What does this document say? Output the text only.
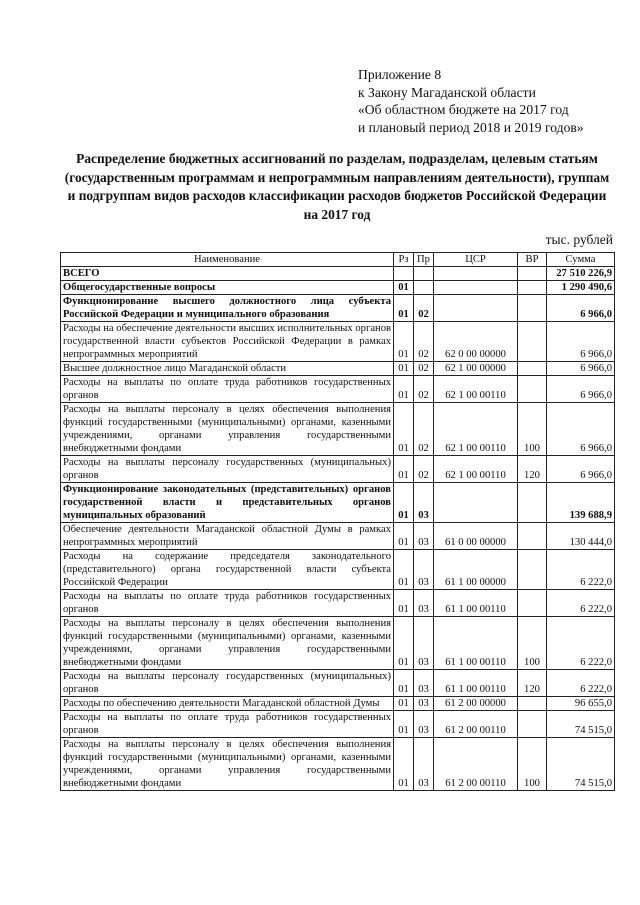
Приложение 8
к Закону Магаданской области
«Об областном бюджете на 2017 год
и плановый период 2018 и 2019 годов»
Распределение бюджетных ассигнований по разделам, подразделам, целевым статьям (государственным программам и непрограммным направлениям деятельности), группам и подгруппам видов расходов классификации расходов бюджетов Российской Федерации на 2017 год
тыс. рублей
Наименование	Рз	Пр	ЦСР	ВР	Сумма
ВСЕГО					27 510 226,9
Общегосударственные вопросы	01				1 290 490,6
Функционирование высшего должностного лица субъекта Российской Федерации и муниципального образования	01	02			6 966,0
Расходы на обеспечение деятельности высших исполнительных органов государственной власти субъектов Российской Федерации в рамках непрограммных мероприятий	01	02	62 0 00 00000		6 966,0
Высшее должностное лицо Магаданской области	01	02	62 1 00 00000		6 966,0
Расходы на выплаты по оплате труда работников государственных органов	01	02	62 1 00 00110		6 966,0
Расходы на выплаты персоналу в целях обеспечения выполнения функций государственными (муниципальными) органами, казенными учреждениями, органами управления государственными внебюджетными фондами	01	02	62 1 00 00110	100	6 966,0
Расходы на выплаты персоналу государственных (муниципальных) органов	01	02	62 1 00 00110	120	6 966,0
Функционирование законодательных (представительных) органов государственной власти и представительных органов муниципальных образований	01	03			139 688,9
Обеспечение деятельности Магаданской областной Думы в рамках непрограммных мероприятий	01	03	61 0 00 00000		130 444,0
Расходы на содержание председателя законодательного (представительного) органа государственной власти субъекта Российской Федерации	01	03	61 1 00 00000		6 222,0
Расходы на выплаты по оплате труда работников государственных органов	01	03	61 1 00 00110		6 222,0
Расходы на выплаты персоналу в целях обеспечения выполнения функций государственными (муниципальными) органами, казенными учреждениями, органами управления государственными внебюджетными фондами	01	03	61 1 00 00110	100	6 222,0
Расходы на выплаты персоналу государственных (муниципальных) органов	01	03	61 1 00 00110	120	6 222,0
Расходы по обеспечению деятельности Магаданской областной Думы	01	03	61 2 00 00000		96 655,0
Расходы на выплаты по оплате труда работников государственных органов	01	03	61 2 00 00110		74 515,0
Расходы на выплаты персоналу в целях обеспечения выполнения функций государственными (муниципальными) органами, казенными учреждениями, органами управления государственными внебюджетными фондами	01	03	61 2 00 00110	100	74 515,0
